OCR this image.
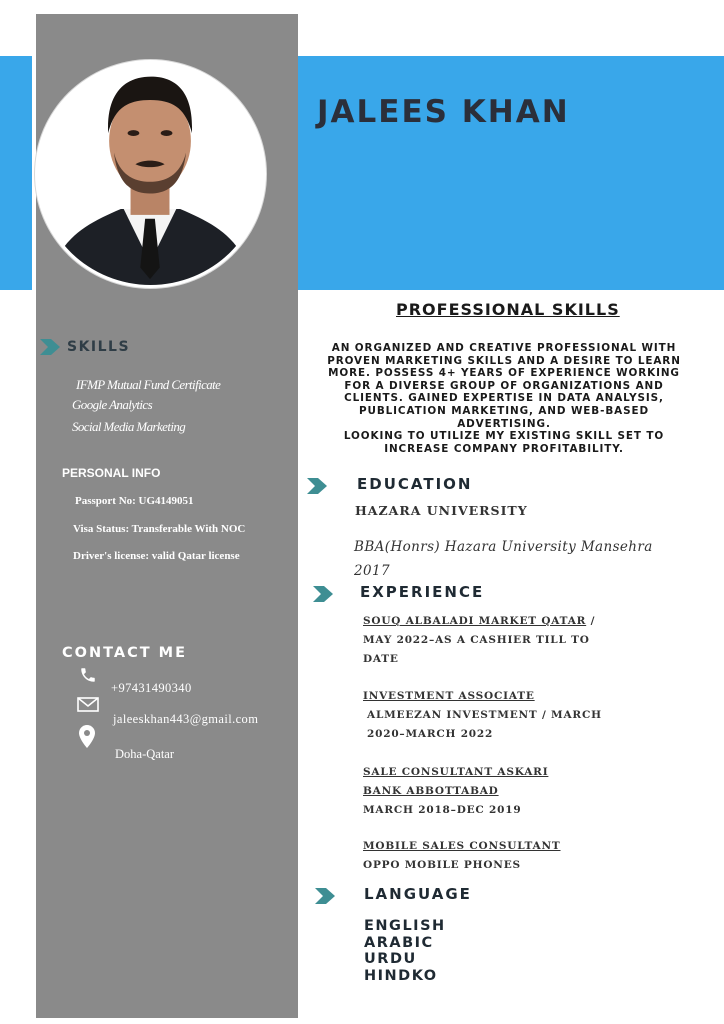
JALEES KHAN
SKILLS
IFMP Mutual Fund Certificate
Google Analytics
Social Media Marketing
PERSONAL INFO
Passport No: UG4149051
Visa Status: Transferable With NOC
Driver's license: valid Qatar license
CONTACT ME
+97431490340
jaleeskhan443@gmail.com
Doha-Qatar
PROFESSIONAL SKILLS
AN ORGANIZED AND CREATIVE PROFESSIONAL WITH PROVEN MARKETING SKILLS AND A DESIRE TO LEARN MORE. POSSESS 4+ YEARS OF EXPERIENCE WORKING FOR A DIVERSE GROUP OF ORGANIZATIONS AND CLIENTS. GAINED EXPERTISE IN DATA ANALYSIS, PUBLICATION MARKETING, AND WEB-BASED ADVERTISING.
LOOKING TO UTILIZE MY EXISTING SKILL SET TO INCREASE COMPANY PROFITABILITY.
EDUCATION
HAZARA UNIVERSITY
BBA(Honrs) Hazara University Mansehra 2017
EXPERIENCE
SOUQ ALBALADI MARKET QATAR / MAY 2022–AS A CASHIER TILL TO DATE
INVESTMENT ASSOCIATE
ALMEEZAN INVESTMENT / MARCH 2020–MARCH 2022
SALE CONSULTANT ASKARI BANK ABBOTTABAD
MARCH 2018–DEC 2019
MOBILE SALES CONSULTANT
OPPO MOBILE PHONES
LANGUAGE
ENGLISH
ARABIC
URDU
HINDKO
